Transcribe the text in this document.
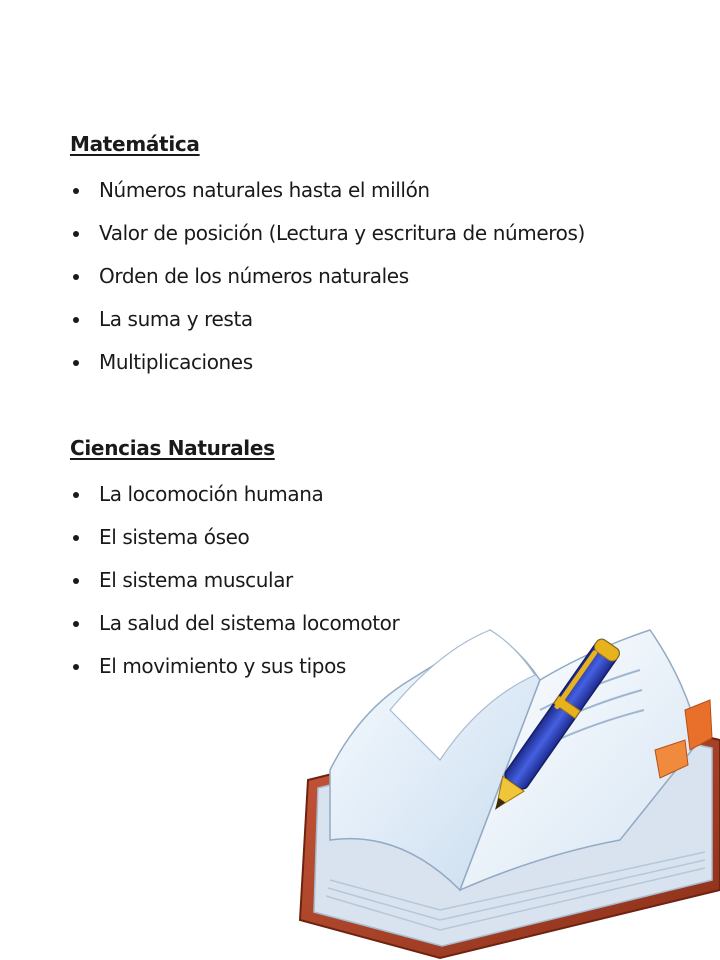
Matemática
Números naturales hasta el millón
Valor de posición (Lectura y escritura de números)
Orden de los números naturales
La suma y resta
Multiplicaciones
Ciencias Naturales
La locomoción humana
El sistema óseo
El sistema muscular
La salud del sistema locomotor
El movimiento y sus tipos
